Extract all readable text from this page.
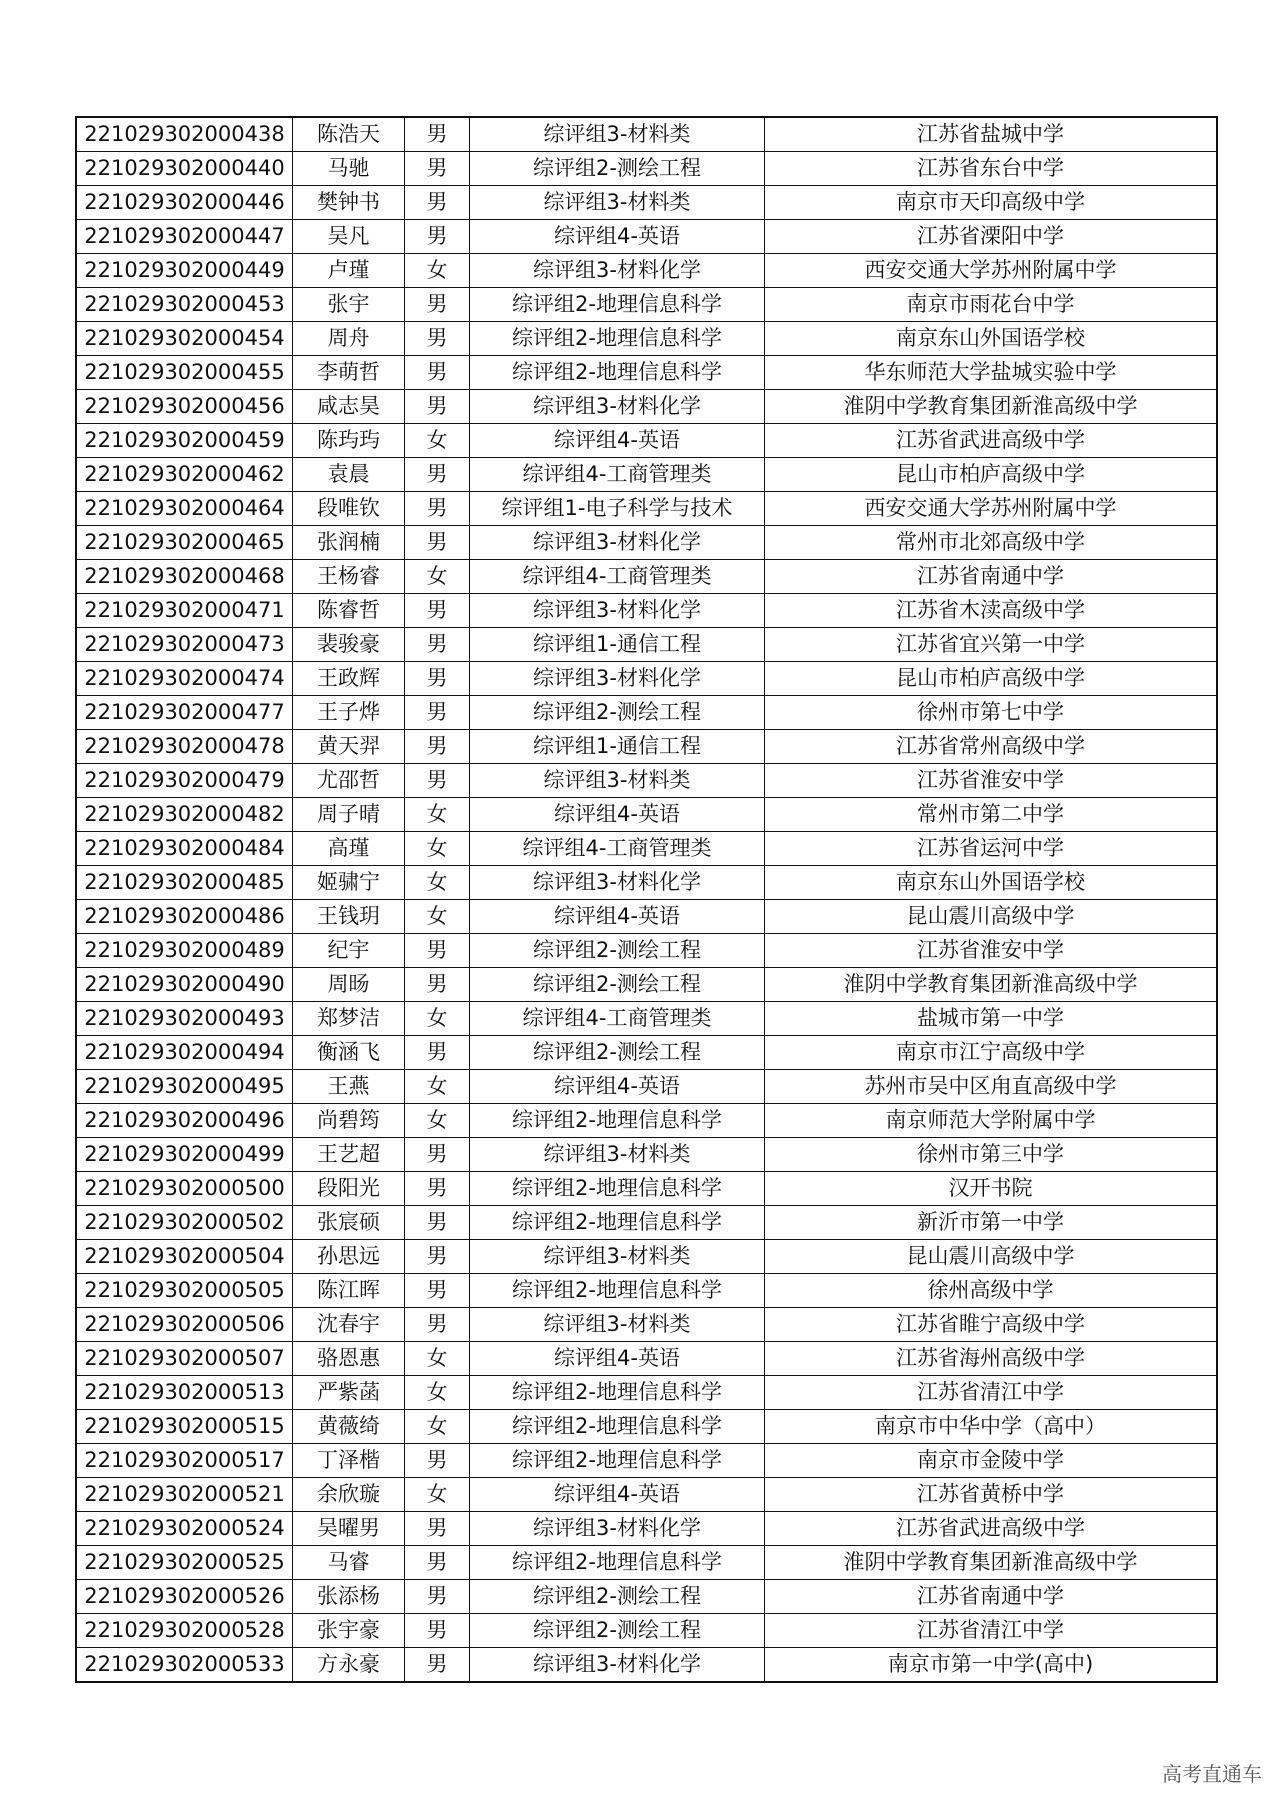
221029302000438	陈浩天	男	综评组3-材料类	江苏省盐城中学
221029302000440	马驰	男	综评组2-测绘工程	江苏省东台中学
221029302000446	樊钟书	男	综评组3-材料类	南京市天印高级中学
221029302000447	吴凡	男	综评组4-英语	江苏省溧阳中学
221029302000449	卢瑾	女	综评组3-材料化学	西安交通大学苏州附属中学
221029302000453	张宇	男	综评组2-地理信息科学	南京市雨花台中学
221029302000454	周舟	男	综评组2-地理信息科学	南京东山外国语学校
221029302000455	李萌哲	男	综评组2-地理信息科学	华东师范大学盐城实验中学
221029302000456	咸志昊	男	综评组3-材料化学	淮阴中学教育集团新淮高级中学
221029302000459	陈玙玙	女	综评组4-英语	江苏省武进高级中学
221029302000462	袁晨	男	综评组4-工商管理类	昆山市柏庐高级中学
221029302000464	段唯钦	男	综评组1-电子科学与技术	西安交通大学苏州附属中学
221029302000465	张润楠	男	综评组3-材料化学	常州市北郊高级中学
221029302000468	王杨睿	女	综评组4-工商管理类	江苏省南通中学
221029302000471	陈睿哲	男	综评组3-材料化学	江苏省木渎高级中学
221029302000473	裴骏豪	男	综评组1-通信工程	江苏省宜兴第一中学
221029302000474	王政辉	男	综评组3-材料化学	昆山市柏庐高级中学
221029302000477	王子烨	男	综评组2-测绘工程	徐州市第七中学
221029302000478	黄天羿	男	综评组1-通信工程	江苏省常州高级中学
221029302000479	尤邵哲	男	综评组3-材料类	江苏省淮安中学
221029302000482	周子晴	女	综评组4-英语	常州市第二中学
221029302000484	高瑾	女	综评组4-工商管理类	江苏省运河中学
221029302000485	姬骕宁	女	综评组3-材料化学	南京东山外国语学校
221029302000486	王钱玥	女	综评组4-英语	昆山震川高级中学
221029302000489	纪宇	男	综评组2-测绘工程	江苏省淮安中学
221029302000490	周旸	男	综评组2-测绘工程	淮阴中学教育集团新淮高级中学
221029302000493	郑梦洁	女	综评组4-工商管理类	盐城市第一中学
221029302000494	衡涵飞	男	综评组2-测绘工程	南京市江宁高级中学
221029302000495	王燕	女	综评组4-英语	苏州市吴中区甪直高级中学
221029302000496	尚碧筠	女	综评组2-地理信息科学	南京师范大学附属中学
221029302000499	王艺超	男	综评组3-材料类	徐州市第三中学
221029302000500	段阳光	男	综评组2-地理信息科学	汉开书院
221029302000502	张宸硕	男	综评组2-地理信息科学	新沂市第一中学
221029302000504	孙思远	男	综评组3-材料类	昆山震川高级中学
221029302000505	陈江晖	男	综评组2-地理信息科学	徐州高级中学
221029302000506	沈春宇	男	综评组3-材料类	江苏省睢宁高级中学
221029302000507	骆恩惠	女	综评组4-英语	江苏省海州高级中学
221029302000513	严紫菡	女	综评组2-地理信息科学	江苏省清江中学
221029302000515	黄薇绮	女	综评组2-地理信息科学	南京市中华中学（高中）
221029302000517	丁泽楷	男	综评组2-地理信息科学	南京市金陵中学
221029302000521	余欣璇	女	综评组4-英语	江苏省黄桥中学
221029302000524	吴曜男	男	综评组3-材料化学	江苏省武进高级中学
221029302000525	马睿	男	综评组2-地理信息科学	淮阴中学教育集团新淮高级中学
221029302000526	张添杨	男	综评组2-测绘工程	江苏省南通中学
221029302000528	张宇豪	男	综评组2-测绘工程	江苏省清江中学
221029302000533	方永豪	男	综评组3-材料化学	南京市第一中学(高中)
高考直通车
